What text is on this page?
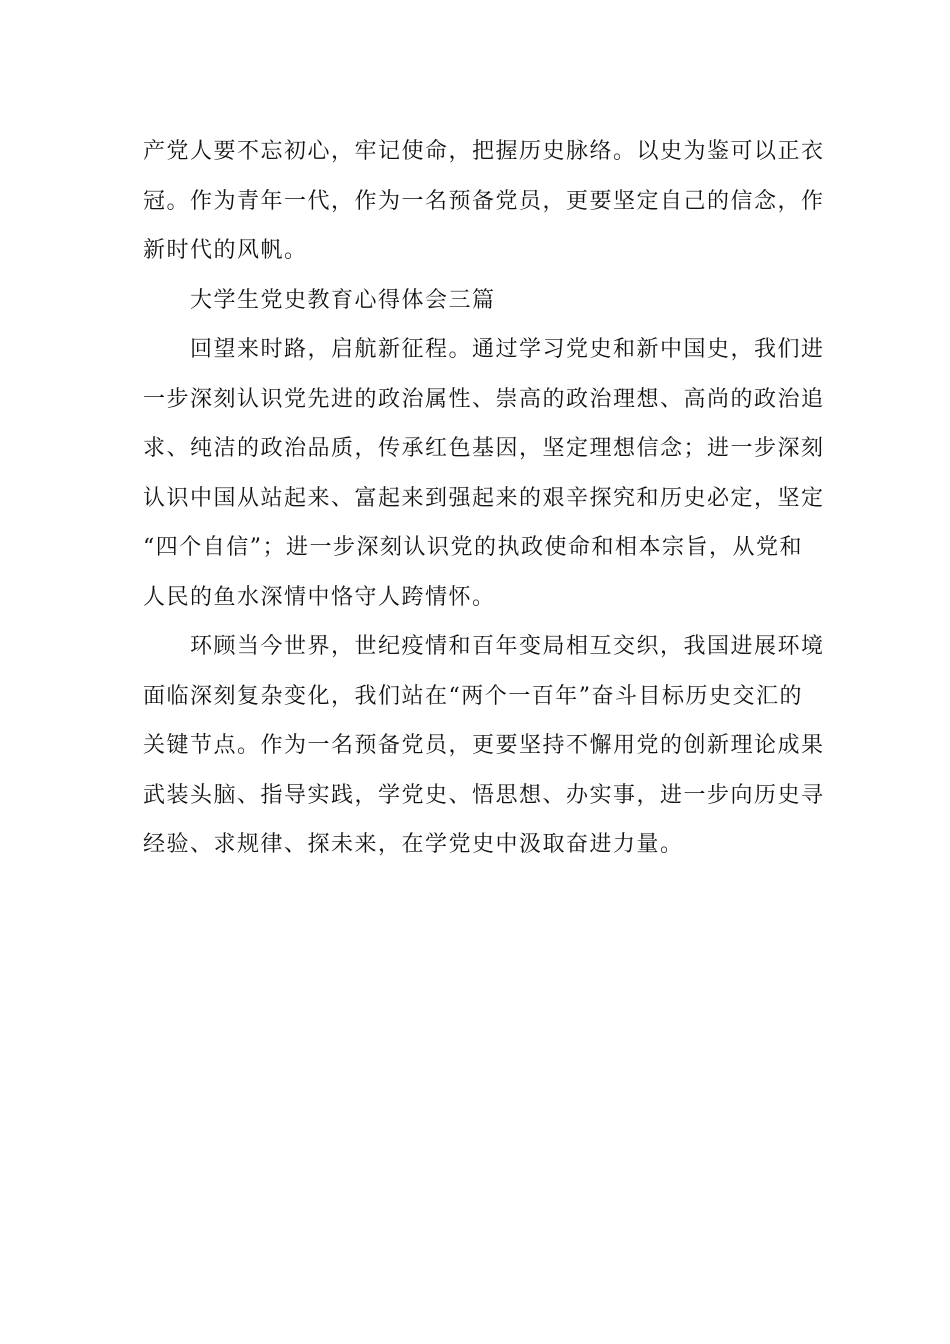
产党人要不忘初心，牢记使命，把握历史脉络。以史为鉴可以正衣
冠。作为青年一代，作为一名预备党员，更要坚定自己的信念，作
新时代的风帆。

大学生党史教育心得体会三篇

回望来时路，启航新征程。通过学习党史和新中国史，我们进
一步深刻认识党先进的政治属性、崇高的政治理想、高尚的政治追
求、纯洁的政治品质，传承红色基因，坚定理想信念；进一步深刻
认识中国从站起来、富起来到强起来的艰辛探究和历史必定，坚定
“四个自信”；进一步深刻认识党的执政使命和相本宗旨，从党和
人民的鱼水深情中恪守人跨情怀。

环顾当今世界，世纪疫情和百年变局相互交织，我国进展环境
面临深刻复杂变化，我们站在“两个一百年”奋斗目标历史交汇的
关键节点。作为一名预备党员，更要坚持不懈用党的创新理论成果
武装头脑、指导实践，学党史、悟思想、办实事，进一步向历史寻
经验、求规律、探未来，在学党史中汲取奋进力量。
